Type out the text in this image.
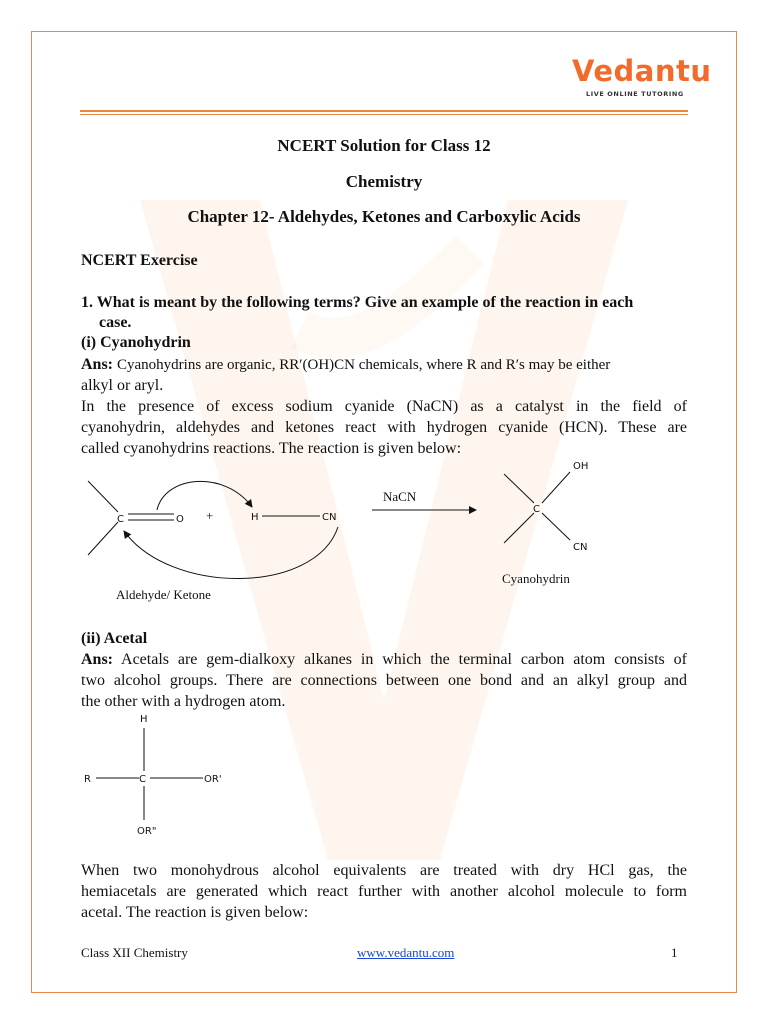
Vedantu
LIVE ONLINE TUTORING
NCERT Solution for Class 12
Chemistry
Chapter 12- Aldehydes, Ketones and Carboxylic Acids
NCERT Exercise
1. What is meant by the following terms? Give an example of the reaction in each
case.
(i) Cyanohydrin
Ans: Cyanohydrins are organic, RR′(OH)CN chemicals, where R and R′s may be either
alkyl or aryl.
In the presence of excess sodium cyanide (NaCN) as a catalyst in the field of
cyanohydrin, aldehydes and ketones react with hydrogen cyanide (HCN). These are
called cyanohydrins reactions. The reaction is given below:
C	O +	H	CN
Aldehyde/ Ketone
NaCN
OH
C
CN
Cyanohydrin
(ii) Acetal
Ans: Acetals are gem-dialkoxy alkanes in which the terminal carbon atom consists of
two alcohol groups. There are connections between one bond and an alkyl group and
the other with a hydrogen atom.
H
R	C	OR'
OR"
When two monohydrous alcohol equivalents are treated with dry HCl gas, the
hemiacetals are generated which react further with another alcohol molecule to form
acetal. The reaction is given below:
Class XII Chemistry	www.vedantu.com	1
